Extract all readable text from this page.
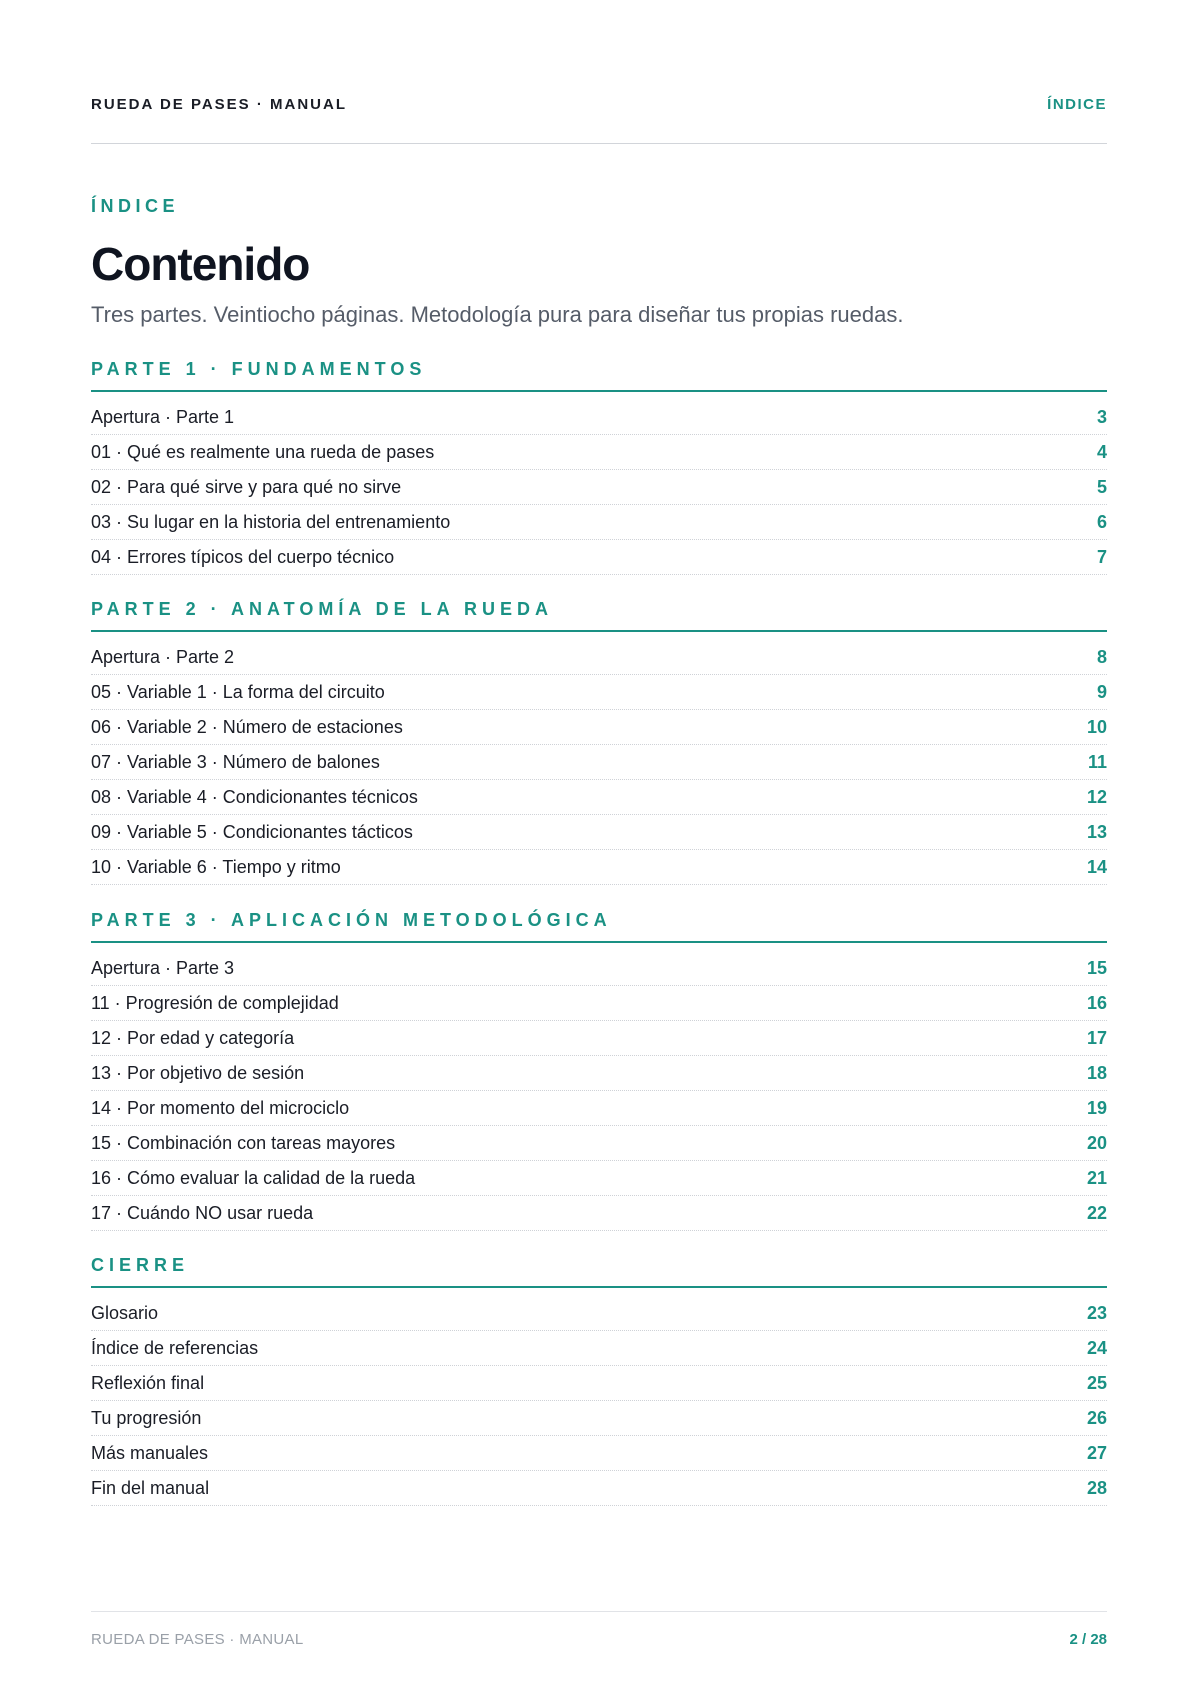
RUEDA DE PASES · MANUAL	ÍNDICE
ÍNDICE
Contenido

Tres partes. Veintiocho páginas. Metodología pura para diseñar tus propias ruedas.

PARTE 1 · FUNDAMENTOS
Apertura · Parte 1	3
01 · Qué es realmente una rueda de pases	4
02 · Para qué sirve y para qué no sirve	5
03 · Su lugar en la historia del entrenamiento	6
04 · Errores típicos del cuerpo técnico	7
PARTE 2 · ANATOMÍA DE LA RUEDA
Apertura · Parte 2	8
05 · Variable 1 · La forma del circuito	9
06 · Variable 2 · Número de estaciones	10
07 · Variable 3 · Número de balones	11
08 · Variable 4 · Condicionantes técnicos	12
09 · Variable 5 · Condicionantes tácticos	13
10 · Variable 6 · Tiempo y ritmo	14
PARTE 3 · APLICACIÓN METODOLÓGICA
Apertura · Parte 3	15
11 · Progresión de complejidad	16
12 · Por edad y categoría	17
13 · Por objetivo de sesión	18
14 · Por momento del microciclo	19
15 · Combinación con tareas mayores	20
16 · Cómo evaluar la calidad de la rueda	21
17 · Cuándo NO usar rueda	22
CIERRE
Glosario	23
Índice de referencias	24
Reflexión final	25
Tu progresión	26
Más manuales	27
Fin del manual	28
RUEDA DE PASES · MANUAL	2 / 28
